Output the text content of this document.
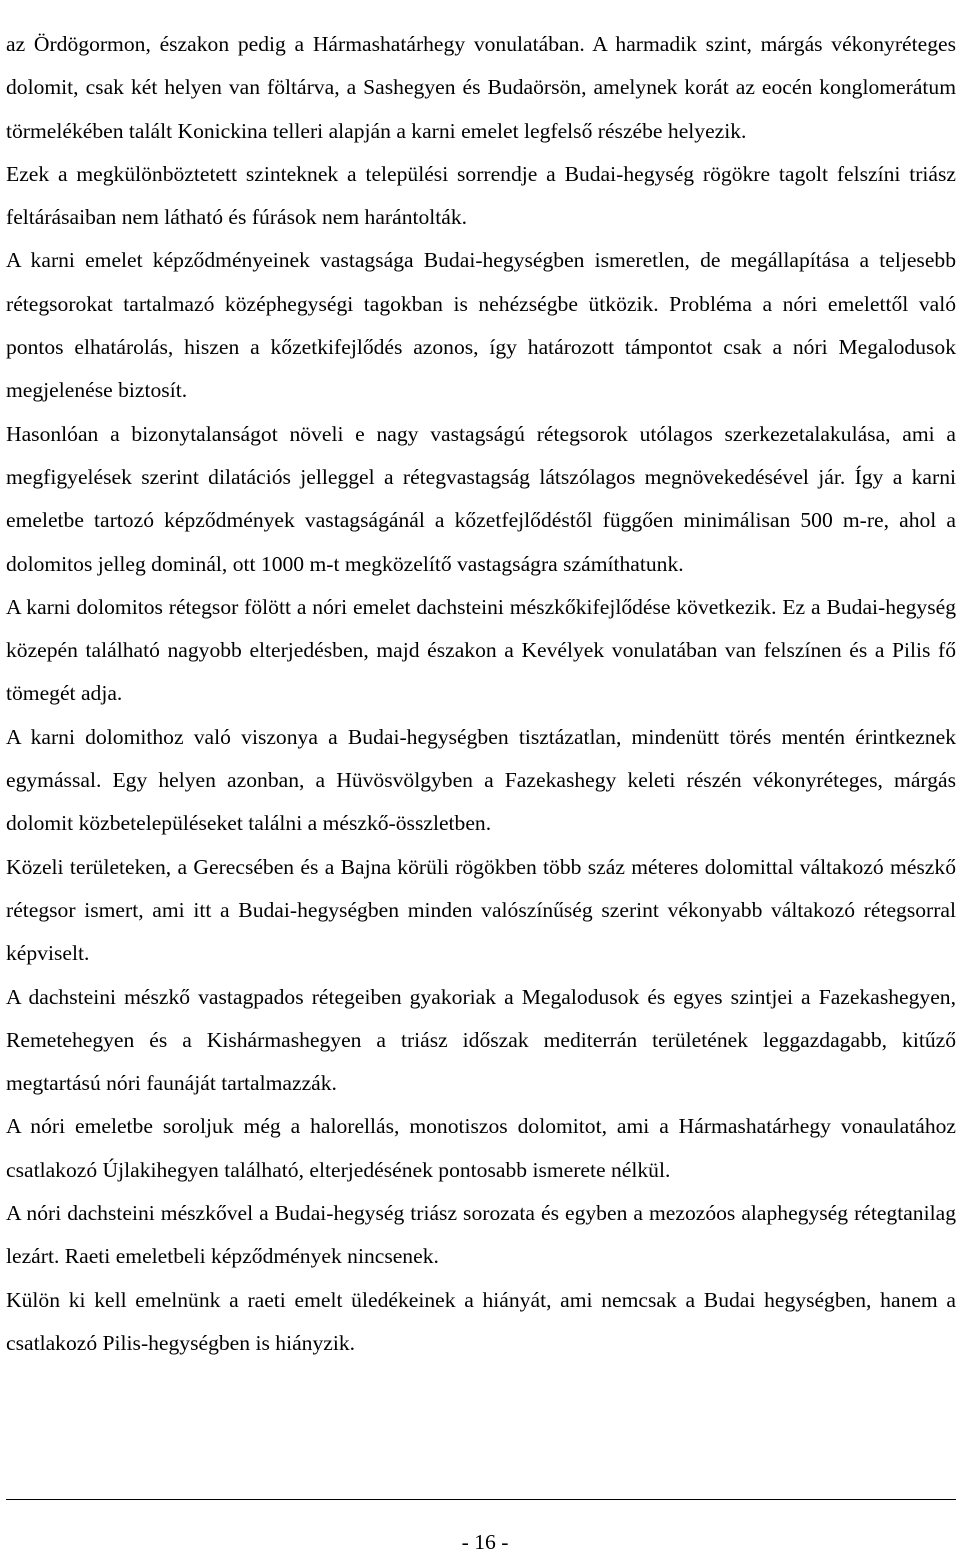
az Ördögormon, északon pedig a Hármashatárhegy vonulatában. A harmadik szint, márgás vékonyréteges dolomit, csak két helyen van föltárva, a Sashegyen és Budaörsön, amelynek korát az eocén konglomerátum törmelékében talált Konickina telleri alapján a karni emelet legfelső részébe helyezik.

Ezek a megkülönböztetett szinteknek a települési sorrendje a Budai-hegység rögökre tagolt felszíni triász feltárásaiban nem látható és fúrások nem harántolták.

A karni emelet képződményeinek vastagsága Budai-hegységben ismeretlen, de megállapítása a teljesebb rétegsorokat tartalmazó középhegységi tagokban is nehézségbe ütközik. Probléma a nóri emelettől való pontos elhatárolás, hiszen a kőzetkifejlődés azonos, így határozott támpontot csak a nóri Megalodusok megjelenése biztosít.

Hasonlóan a bizonytalanságot növeli e nagy vastagságú rétegsorok utólagos szerkezetalakulása, ami a megfigyelések szerint dilatációs jelleggel a rétegvastagság látszólagos megnövekedésével jár. Így a karni emeletbe tartozó képződmények vastagságánál a kőzetfejlődéstől függően minimálisan 500 m-re, ahol a dolomitos jelleg dominál, ott 1000 m-t megközelítő vastagságra számíthatunk.

A karni dolomitos rétegsor fölött a nóri emelet dachsteini mészkőkifejlődése következik. Ez a Budai-hegység közepén található nagyobb elterjedésben, majd északon a Kevélyek vonulatában van felszínen és a Pilis fő tömegét adja.

A karni dolomithoz való viszonya a Budai-hegységben tisztázatlan, mindenütt törés mentén érintkeznek egymással. Egy helyen azonban, a Hüvösvölgyben a Fazekashegy keleti részén vékonyréteges, márgás dolomit közbetelepüléseket találni a mészkő-összletben.

Közeli területeken, a Gerecsében és a Bajna körüli rögökben több száz méteres dolomittal váltakozó mészkő rétegsor ismert, ami itt a Budai-hegységben minden valószínűség szerint vékonyabb váltakozó rétegsorral képviselt.

A dachsteini mészkő vastagpados rétegeiben gyakoriak a Megalodusok és egyes szintjei a Fazekashegyen, Remetehegyen és a Kishármashegyen a triász időszak mediterrán területének leggazdagabb, kitűző megtartású nóri faunáját tartalmazzák.

A nóri emeletbe soroljuk még a halorellás, monotiszos dolomitot, ami a Hármashatárhegy vonaulatához csatlakozó Újlakihegyen található, elterjedésének pontosabb ismerete nélkül.

A nóri dachsteini mészkővel a Budai-hegység triász sorozata és egyben a mezozóos alaphegység rétegtanilag lezárt. Raeti emeletbeli képződmények nincsenek.

Külön ki kell emelnünk a raeti emelt üledékeinek a hiányát, ami nemcsak a Budai hegységben, hanem a csatlakozó Pilis-hegységben is hiányzik.

- 16 -
